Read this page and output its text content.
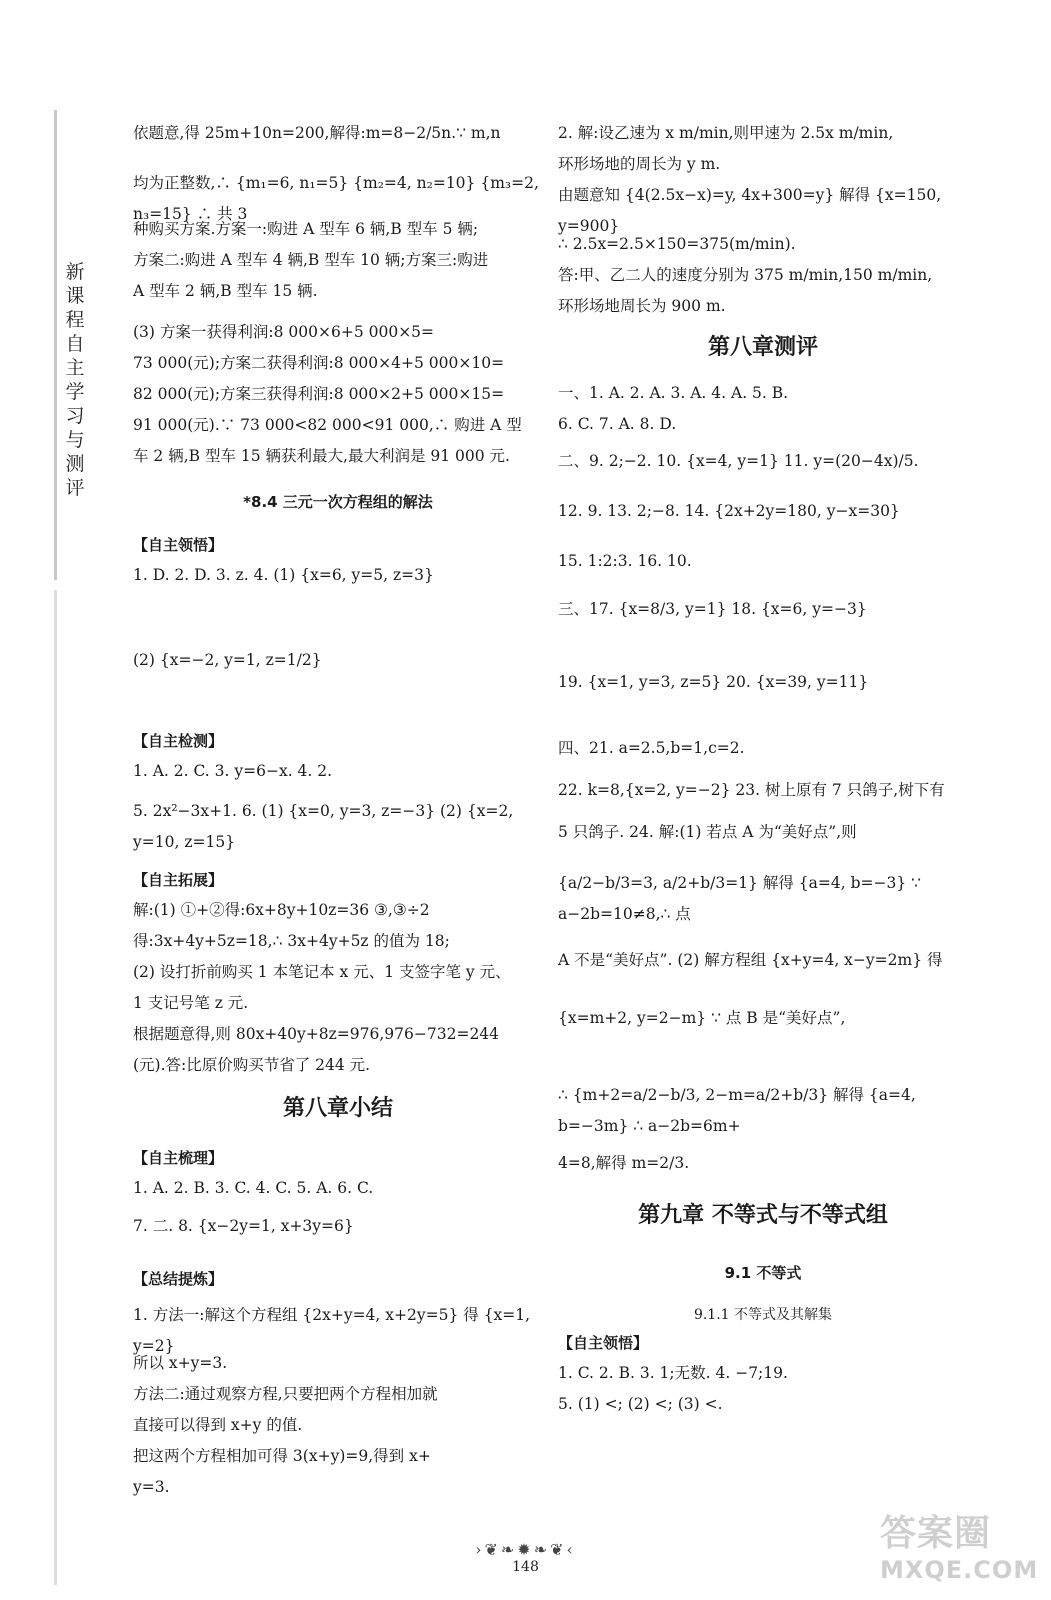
新课程自主学习与测评
依题意,得 25m+10n=200,解得:m=8−2/5n.∵ m,n
均为正整数,∴ {m₁=6, n₁=5} {m₂=4, n₂=10} {m₃=2, n₃=15} ∴ 共 3
种购买方案.方案一:购进 A 型车 6 辆,B 型车 5 辆;
方案二:购进 A 型车 4 辆,B 型车 10 辆;方案三:购进
A 型车 2 辆,B 型车 15 辆.
(3) 方案一获得利润:8 000×6+5 000×5=
73 000(元);方案二获得利润:8 000×4+5 000×10=
82 000(元);方案三获得利润:8 000×2+5 000×15=
91 000(元).∵ 73 000<82 000<91 000,∴ 购进 A 型
车 2 辆,B 型车 15 辆获利最大,最大利润是 91 000 元.
*8.4 三元一次方程组的解法
【自主领悟】
1. D. 2. D. 3. z. 4. (1) {x=6, y=5, z=3}
(2) {x=−2, y=1, z=1/2}
【自主检测】
1. A. 2. C. 3. y=6−x. 4. 2.
5. 2x²−3x+1. 6. (1) {x=0, y=3, z=−3} (2) {x=2, y=10, z=15}
【自主拓展】
解:(1) ①+②得:6x+8y+10z=36 ③,③÷2
得:3x+4y+5z=18,∴ 3x+4y+5z 的值为 18;
(2) 设打折前购买 1 本笔记本 x 元、1 支签字笔 y 元、
1 支记号笔 z 元.
根据题意得,则 80x+40y+8z=976,976−732=244
(元).答:比原价购买节省了 244 元.
第八章小结
【自主梳理】
1. A. 2. B. 3. C. 4. C. 5. A. 6. C.
7. 二. 8. {x−2y=1, x+3y=6}
【总结提炼】
1. 方法一:解这个方程组 {2x+y=4, x+2y=5} 得 {x=1, y=2}
所以 x+y=3.
方法二:通过观察方程,只要把两个方程相加就
直接可以得到 x+y 的值.
把这两个方程相加可得 3(x+y)=9,得到 x+
y=3.
2. 解:设乙速为 x m/min,则甲速为 2.5x m/min,
环形场地的周长为 y m.
由题意知 {4(2.5x−x)=y, 4x+300=y} 解得 {x=150, y=900}
∴ 2.5x=2.5×150=375(m/min).
答:甲、乙二人的速度分别为 375 m/min,150 m/min,
环形场地周长为 900 m.
第八章测评
一、1. A. 2. A. 3. A. 4. A. 5. B.
6. C. 7. A. 8. D.
二、9. 2;−2. 10. {x=4, y=1} 11. y=(20−4x)/5.
12. 9. 13. 2;−8. 14. {2x+2y=180, y−x=30}
15. 1:2:3. 16. 10.
三、17. {x=8/3, y=1} 18. {x=6, y=−3}
19. {x=1, y=3, z=5} 20. {x=39, y=11}
四、21. a=2.5,b=1,c=2.
22. k=8,{x=2, y=−2} 23. 树上原有 7 只鸽子,树下有
5 只鸽子. 24. 解:(1) 若点 A 为“美好点”,则
{a/2−b/3=3, a/2+b/3=1} 解得 {a=4, b=−3} ∵ a−2b=10≠8,∴ 点
A 不是“美好点”. (2) 解方程组 {x+y=4, x−y=2m} 得
{x=m+2, y=2−m} ∵ 点 B 是“美好点”,
∴ {m+2=a/2−b/3, 2−m=a/2+b/3} 解得 {a=4, b=−3m} ∴ a−2b=6m+
4=8,解得 m=2/3.
第九章 不等式与不等式组
9.1 不等式
9.1.1 不等式及其解集
【自主领悟】
1. C. 2. B. 3. 1;无数. 4. −7;19.
5. (1) <; (2) <; (3) <.
›❦❧✹❧❦‹
148
答案圈
MXQE.COM
